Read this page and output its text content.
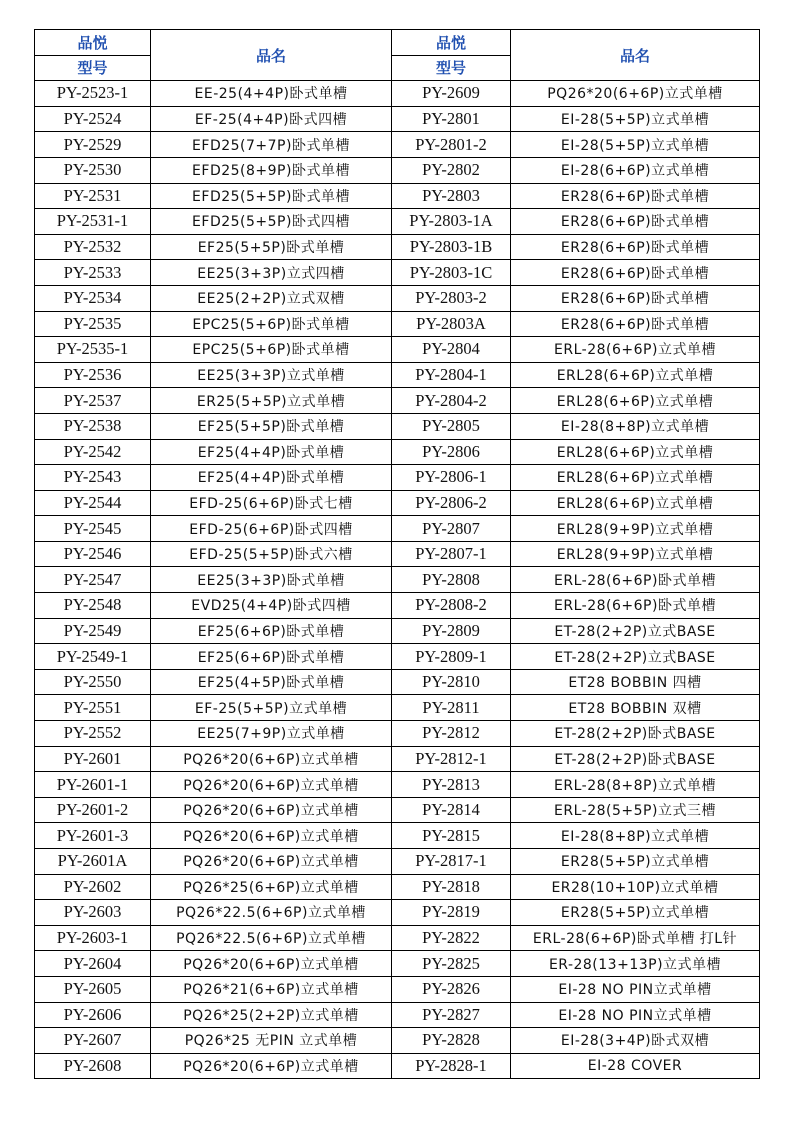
品悦	品名	品悦	品名
型号		型号	
PY-2523-1	EE-25(4+4P)卧式单槽	PY-2609	PQ26*20(6+6P)立式单槽
PY-2524	EF-25(4+4P)卧式四槽	PY-2801	EI-28(5+5P)立式单槽
PY-2529	EFD25(7+7P)卧式单槽	PY-2801-2	EI-28(5+5P)立式单槽
PY-2530	EFD25(8+9P)卧式单槽	PY-2802	EI-28(6+6P)立式单槽
PY-2531	EFD25(5+5P)卧式单槽	PY-2803	ER28(6+6P)卧式单槽
PY-2531-1	EFD25(5+5P)卧式四槽	PY-2803-1A	ER28(6+6P)卧式单槽
PY-2532	EF25(5+5P)卧式单槽	PY-2803-1B	ER28(6+6P)卧式单槽
PY-2533	EE25(3+3P)立式四槽	PY-2803-1C	ER28(6+6P)卧式单槽
PY-2534	EE25(2+2P)立式双槽	PY-2803-2	ER28(6+6P)卧式单槽
PY-2535	EPC25(5+6P)卧式单槽	PY-2803A	ER28(6+6P)卧式单槽
PY-2535-1	EPC25(5+6P)卧式单槽	PY-2804	ERL-28(6+6P)立式单槽
PY-2536	EE25(3+3P)立式单槽	PY-2804-1	ERL28(6+6P)立式单槽
PY-2537	ER25(5+5P)立式单槽	PY-2804-2	ERL28(6+6P)立式单槽
PY-2538	EF25(5+5P)卧式单槽	PY-2805	EI-28(8+8P)立式单槽
PY-2542	EF25(4+4P)卧式单槽	PY-2806	ERL28(6+6P)立式单槽
PY-2543	EF25(4+4P)卧式单槽	PY-2806-1	ERL28(6+6P)立式单槽
PY-2544	EFD-25(6+6P)卧式七槽	PY-2806-2	ERL28(6+6P)立式单槽
PY-2545	EFD-25(6+6P)卧式四槽	PY-2807	ERL28(9+9P)立式单槽
PY-2546	EFD-25(5+5P)卧式六槽	PY-2807-1	ERL28(9+9P)立式单槽
PY-2547	EE25(3+3P)卧式单槽	PY-2808	ERL-28(6+6P)卧式单槽
PY-2548	EVD25(4+4P)卧式四槽	PY-2808-2	ERL-28(6+6P)卧式单槽
PY-2549	EF25(6+6P)卧式单槽	PY-2809	ET-28(2+2P)立式BASE
PY-2549-1	EF25(6+6P)卧式单槽	PY-2809-1	ET-28(2+2P)立式BASE
PY-2550	EF25(4+5P)卧式单槽	PY-2810	ET28 BOBBIN 四槽
PY-2551	EF-25(5+5P)立式单槽	PY-2811	ET28 BOBBIN 双槽
PY-2552	EE25(7+9P)立式单槽	PY-2812	ET-28(2+2P)卧式BASE
PY-2601	PQ26*20(6+6P)立式单槽	PY-2812-1	ET-28(2+2P)卧式BASE
PY-2601-1	PQ26*20(6+6P)立式单槽	PY-2813	ERL-28(8+8P)立式单槽
PY-2601-2	PQ26*20(6+6P)立式单槽	PY-2814	ERL-28(5+5P)立式三槽
PY-2601-3	PQ26*20(6+6P)立式单槽	PY-2815	EI-28(8+8P)立式单槽
PY-2601A	PQ26*20(6+6P)立式单槽	PY-2817-1	ER28(5+5P)立式单槽
PY-2602	PQ26*25(6+6P)立式单槽	PY-2818	ER28(10+10P)立式单槽
PY-2603	PQ26*22.5(6+6P)立式单槽	PY-2819	ER28(5+5P)立式单槽
PY-2603-1	PQ26*22.5(6+6P)立式单槽	PY-2822	ERL-28(6+6P)卧式单槽 打L针
PY-2604	PQ26*20(6+6P)立式单槽	PY-2825	ER-28(13+13P)立式单槽
PY-2605	PQ26*21(6+6P)立式单槽	PY-2826	EI-28 NO PIN立式单槽
PY-2606	PQ26*25(2+2P)立式单槽	PY-2827	EI-28 NO PIN立式单槽
PY-2607	PQ26*25 无PIN 立式单槽	PY-2828	EI-28(3+4P)卧式双槽
PY-2608	PQ26*20(6+6P)立式单槽	PY-2828-1	EI-28 COVER
